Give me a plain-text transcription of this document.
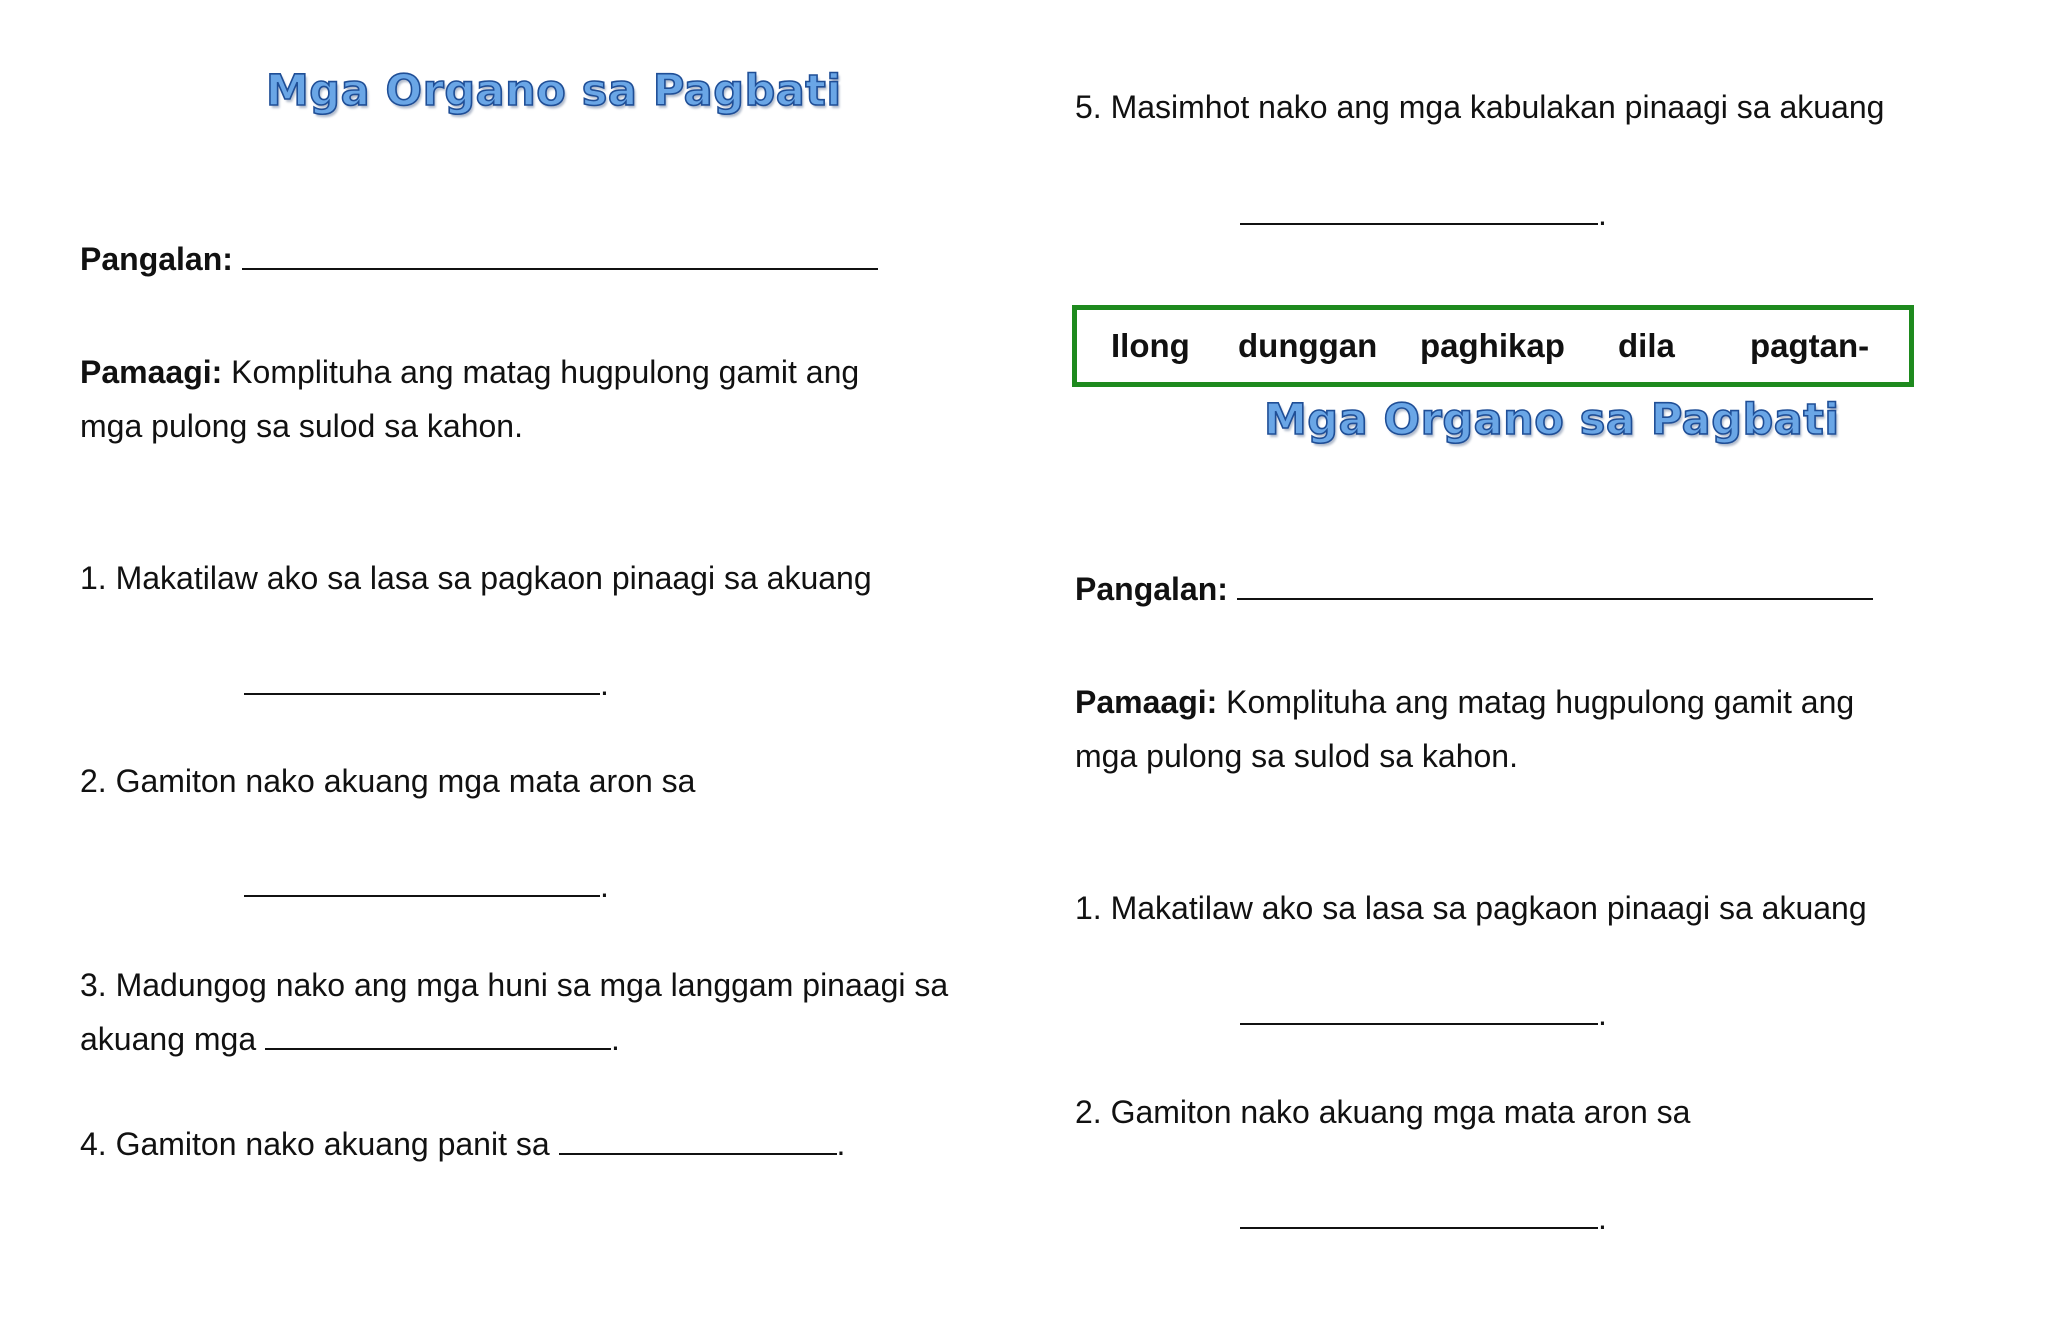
Mga Organo sa Pagbati
Pangalan:
Pamaagi: Komplituha ang matag hugpulong gamit ang
mga pulong sa sulod sa kahon.
1. Makatilaw ako sa lasa sa pagkaon pinaagi sa akuang
.
2. Gamiton nako akuang mga mata aron sa
.
3. Madungog nako ang mga huni sa mga langgam pinaagi sa
akuang mga	.
4. Gamiton nako akuang panit sa	.
5. Masimhot nako ang mga kabulakan pinaagi sa akuang
.
Ilong dunggan paghikap dila pagtan-
Mga Organo sa Pagbati
Pangalan:
Pamaagi: Komplituha ang matag hugpulong gamit ang
mga pulong sa sulod sa kahon.
1. Makatilaw ako sa lasa sa pagkaon pinaagi sa akuang
.
2. Gamiton nako akuang mga mata aron sa
.
